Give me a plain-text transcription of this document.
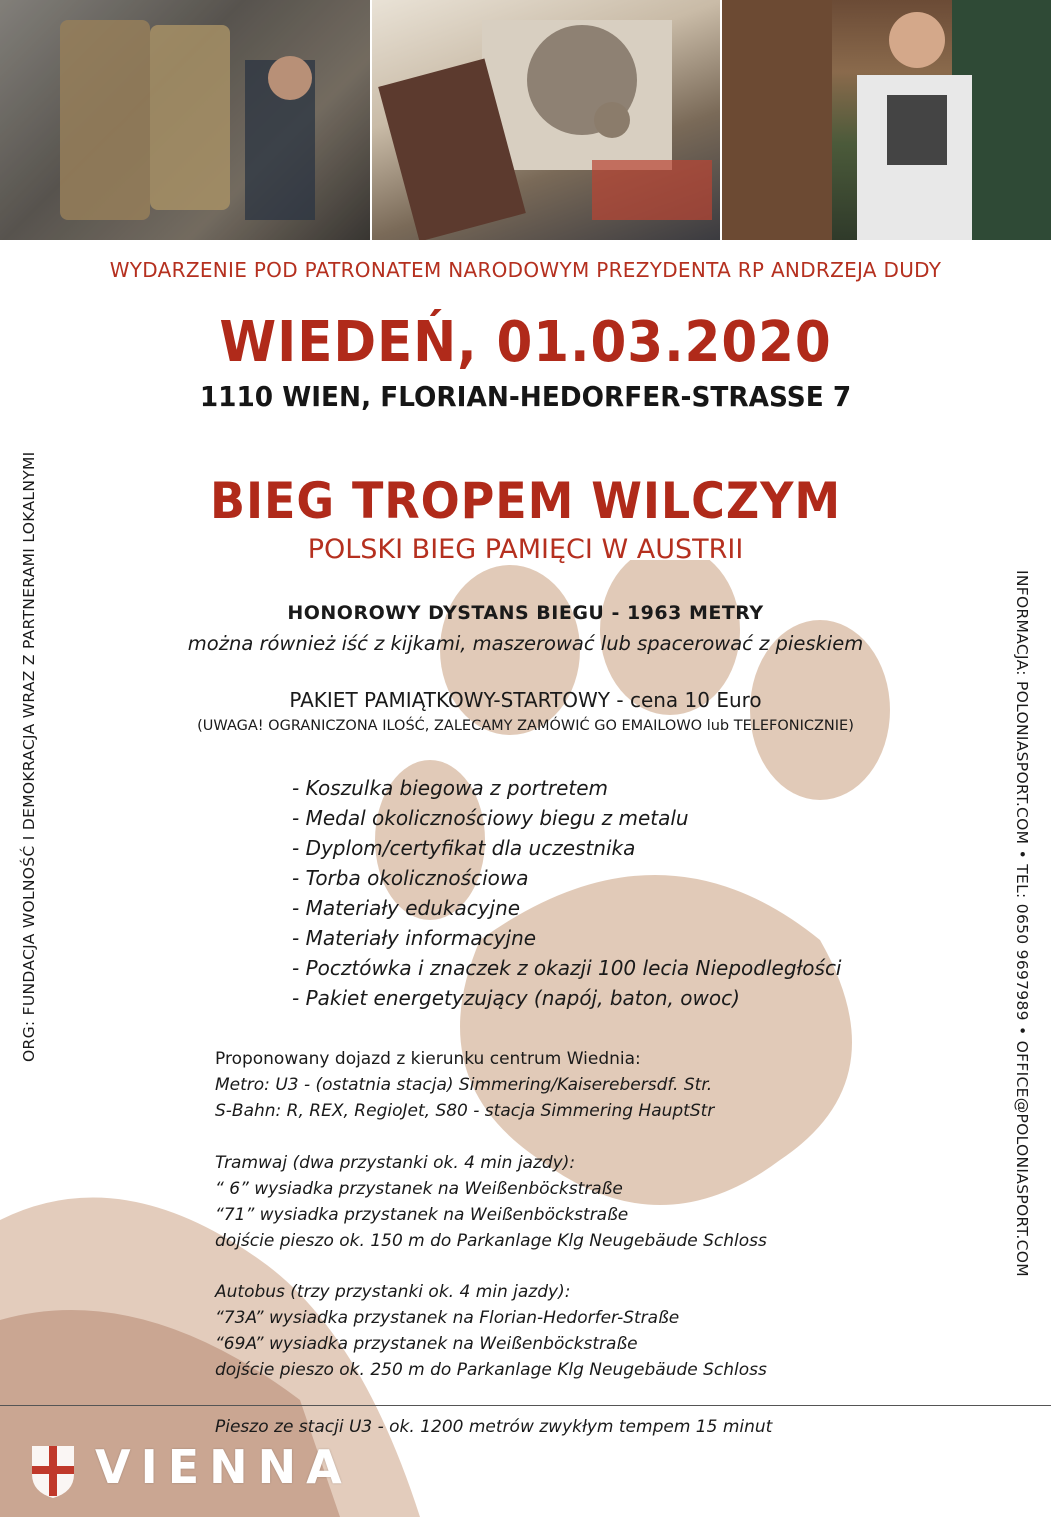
WYDARZENIE POD PATRONATEM NARODOWYM PREZYDENTA RP ANDRZEJA DUDY
WIEDEŃ, 01.03.2020
1110 WIEN, FLORIAN-HEDORFER-STRASSE 7
BIEG TROPEM WILCZYM
POLSKI BIEG PAMIĘCI W AUSTRII
HONOROWY DYSTANS BIEGU - 1963 METRY
można również iść z kijkami, maszerować lub spacerować z pieskiem
PAKIET PAMIĄTKOWY-STARTOWY - cena 10 Euro
(UWAGA! OGRANICZONA ILOŚĆ, ZALECAMY ZAMÓWIĆ GO EMAILOWO lub TELEFONICZNIE)
- Koszulka biegowa z portretem
- Medal okolicznościowy biegu z metalu
- Dyplom/certyfikat dla uczestnika
- Torba okolicznościowa
- Materiały edukacyjne
- Materiały informacyjne
- Pocztówka i znaczek z okazji 100 lecia Niepodległości
- Pakiet energetyzujący (napój, baton, owoc)
Proponowany dojazd z kierunku centrum Wiednia:
Metro: U3 - (ostatnia stacja) Simmering/Kaiserebersdf. Str.
S-Bahn: R, REX, RegioJet, S80 - stacja Simmering HauptStr
Tramwaj (dwa przystanki ok. 4 min jazdy):
“ 6” wysiadka przystanek na Weißenböckstraße
“71” wysiadka przystanek na Weißenböckstraße
dojście pieszo ok. 150 m do Parkanlage Klg Neugebäude Schloss
Autobus (trzy przystanki ok. 4 min jazdy):
“73A” wysiadka przystanek na Florian-Hedorfer-Straße
“69A” wysiadka przystanek na Weißenböckstraße
dojście pieszo ok. 250 m do Parkanlage Klg Neugebäude Schloss
Pieszo ze stacji U3 - ok. 1200 metrów zwykłym tempem 15 minut
ORG: FUNDACJA WOLNOŚĆ I DEMOKRACJA WRAZ Z PARTNERAMI LOKALNYMI	INFORMACJA: POLONIASPORT.COM • TEL: 0650 9697989 • OFFICE@POLONIASPORT.COM
VIENNA
